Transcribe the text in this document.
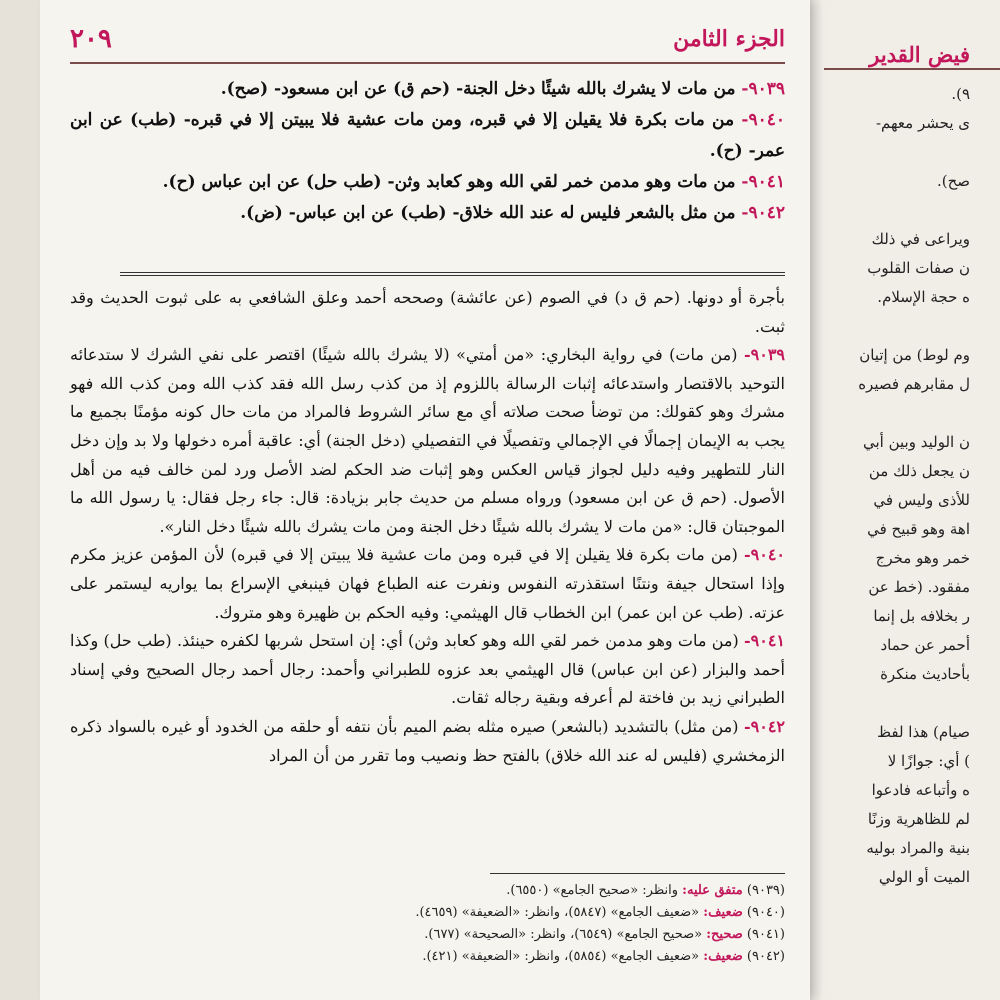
فيض القدير
٩).
ى يحشر معهم-
صح).
ويراعى في ذلك
ن صفات القلوب
ه حجة الإسلام.
وم لوط) من إتيان
ل مقابرهم فصيره
ن الوليد وبين أبي
ن يجعل ذلك من
للأذى وليس في
اهة وهو قبيح في
خمر وهو مخرج
مفقود. (خط عن
ر بخلافه بل إنما
أحمر عن حماد
بأحاديث منكرة
صيام) هذا لفظ
) أي: جوازًا لا
ه وأتباعه فادعوا
لم للظاهرية وزنًا
بنية والمراد بوليه
الميت أو الولي
٢٠٩	الجزء الثامن
٩٠٣٩- من مات لا يشرك بالله شيئًا دخل الجنة- (حم ق) عن ابن مسعود- (صح).
٩٠٤٠- من مات بكرة فلا يقيلن إلا في قبره، ومن مات عشية فلا يبيتن إلا في قبره- (طب) عن ابن عمر- (ح).
٩٠٤١- من مات وهو مدمن خمر لقي الله وهو كعابد وثن- (طب حل) عن ابن عباس (ح).
٩٠٤٢- من مثل بالشعر فليس له عند الله خلاق- (طب) عن ابن عباس- (ض).

بأجرة أو دونها. (حم ق د) في الصوم (عن عائشة) وصححه أحمد وعلق الشافعي به على ثبوت الحديث وقد ثبت.

٩٠٣٩- (من مات) في رواية البخاري: «من أمتي» (لا يشرك بالله شيئًا) اقتصر على نفي الشرك لا ستدعائه التوحيد بالاقتصار واستدعائه إثبات الرسالة باللزوم إذ من كذب رسل الله فقد كذب الله ومن كذب الله فهو مشرك وهو كقولك: من توضأ صحت صلاته أي مع سائر الشروط فالمراد من مات حال كونه مؤمنًا بجميع ما يجب به الإيمان إجمالًا في الإجمالي وتفصيلًا في التفصيلي (دخل الجنة) أي: عاقبة أمره دخولها ولا بد وإن دخل النار للتطهير وفيه دليل لجواز قياس العكس وهو إثبات ضد الحكم لضد الأصل ورد لمن خالف فيه من أهل الأصول. (حم ق عن ابن مسعود) ورواه مسلم من حديث جابر بزيادة: قال: جاء رجل فقال: يا رسول الله ما الموجبتان قال: «من مات لا يشرك بالله شيئًا دخل الجنة ومن مات يشرك بالله شيئًا دخل النار».

٩٠٤٠- (من مات بكرة فلا يقيلن إلا في قبره ومن مات عشية فلا يبيتن إلا في قبره) لأن المؤمن عزيز مكرم وإذا استحال جيفة ونتنًا استقذرته النفوس ونفرت عنه الطباع فهان فينبغي الإسراع بما يواريه ليستمر على عزته. (طب عن ابن عمر) ابن الخطاب قال الهيثمي: وفيه الحكم بن ظهيرة وهو متروك.

٩٠٤١- (من مات وهو مدمن خمر لقي الله وهو كعابد وثن) أي: إن استحل شربها لكفره حينئذ. (طب حل) وكذا أحمد والبزار (عن ابن عباس) قال الهيثمي بعد عزوه للطبراني وأحمد: رجال أحمد رجال الصحيح وفي إسناد الطبراني زيد بن فاختة لم أعرفه وبقية رجاله ثقات.

٩٠٤٢- (من مثل) بالتشديد (بالشعر) صيره مثله بضم الميم بأن نتفه أو حلقه من الخدود أو غيره بالسواد ذكره الزمخشري (فليس له عند الله خلاق) بالفتح حظ ونصيب وما تقرر من أن المراد

(٩٠٣٩) متفق عليه: وانظر: «صحيح الجامع» (٦٥٥٠).
(٩٠٤٠) ضعيف: «ضعيف الجامع» (٥٨٤٧)، وانظر: «الضعيفة» (٤٦٥٩).
(٩٠٤١) صحيح: «صحيح الجامع» (٦٥٤٩)، وانظر: «الصحيحة» (٦٧٧).
(٩٠٤٢) ضعيف: «ضعيف الجامع» (٥٨٥٤)، وانظر: «الضعيفة» (٤٢١).
